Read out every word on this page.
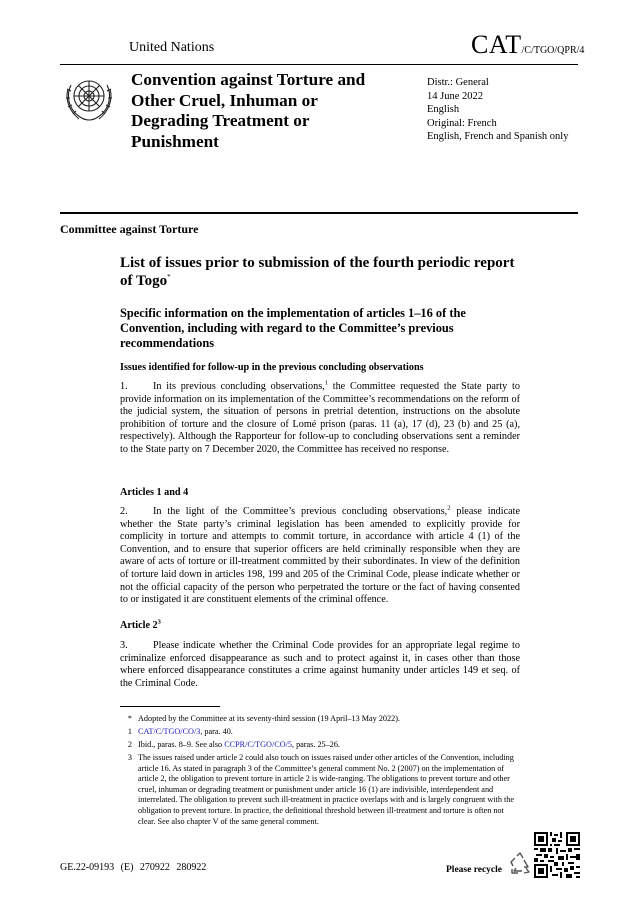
United Nations	CAT/C/TGO/QPR/4
Convention against Torture and Other Cruel, Inhuman or Degrading Treatment or Punishment
Distr.: General
14 June 2022
English
Original: French
English, French and Spanish only
Committee against Torture
List of issues prior to submission of the fourth periodic report of Togo*
Specific information on the implementation of articles 1–16 of the Convention, including with regard to the Committee’s previous recommendations
Issues identified for follow-up in the previous concluding observations
1. In its previous concluding observations,$^1$ the Committee requested the State party to provide information on its implementation of the Committee’s recommendations on the reform of the judicial system, the situation of persons in pretrial detention, instructions on the absolute prohibition of torture and the closure of Lomé prison (paras. 11 (a), 17 (d), 23 (b) and 25 (a), respectively). Although the Rapporteur for follow-up to concluding observations sent a reminder to the State party on 7 December 2020, the Committee has received no response.
Articles 1 and 4
2. In the light of the Committee’s previous concluding observations,$^2$ please indicate whether the State party’s criminal legislation has been amended to explicitly provide for complicity in torture and attempts to commit torture, in accordance with article 4 (1) of the Convention, and to ensure that superior officers are held criminally responsible when they are aware of acts of torture or ill-treatment committed by their subordinates. In view of the definition of torture laid down in articles 198, 199 and 205 of the Criminal Code, please indicate whether or not the official capacity of the person who perpetrated the torture or the fact of having consented to or instigated it are constituent elements of the criminal offence.
Article $2^3$
3. Please indicate whether the Criminal Code provides for an appropriate legal regime to criminalize enforced disappearance as such and to protect against it, in cases other than those where enforced disappearance constitutes a crime against humanity under articles 149 et seq. of the Criminal Code.
* Adopted by the Committee at its seventy-third session (19 April–13 May 2022).
1 CAT/C/TGO/CO/3, para. 40.
2 Ibid., paras. 8–9. See also CCPR/C/TGO/CO/5, paras. 25–26.
3 The issues raised under article 2 could also touch on issues raised under other articles of the Convention, including article 16. As stated in paragraph 3 of the Committee’s general comment No. 2 (2007) on the implementation of article 2, the obligation to prevent torture in article 2 is wide-ranging. The obligations to prevent torture and other cruel, inhuman or degrading treatment or punishment under article 16 (1) are indivisible, interdependent and interrelated. The obligation to prevent such ill-treatment in practice overlaps with and is largely congruent with the obligation to prevent torture. In practice, the definitional threshold between ill-treatment and torture is often not clear. See also chapter V of the same general comment.
GE.22-09193 (E) 270922 280922	Please recycle
